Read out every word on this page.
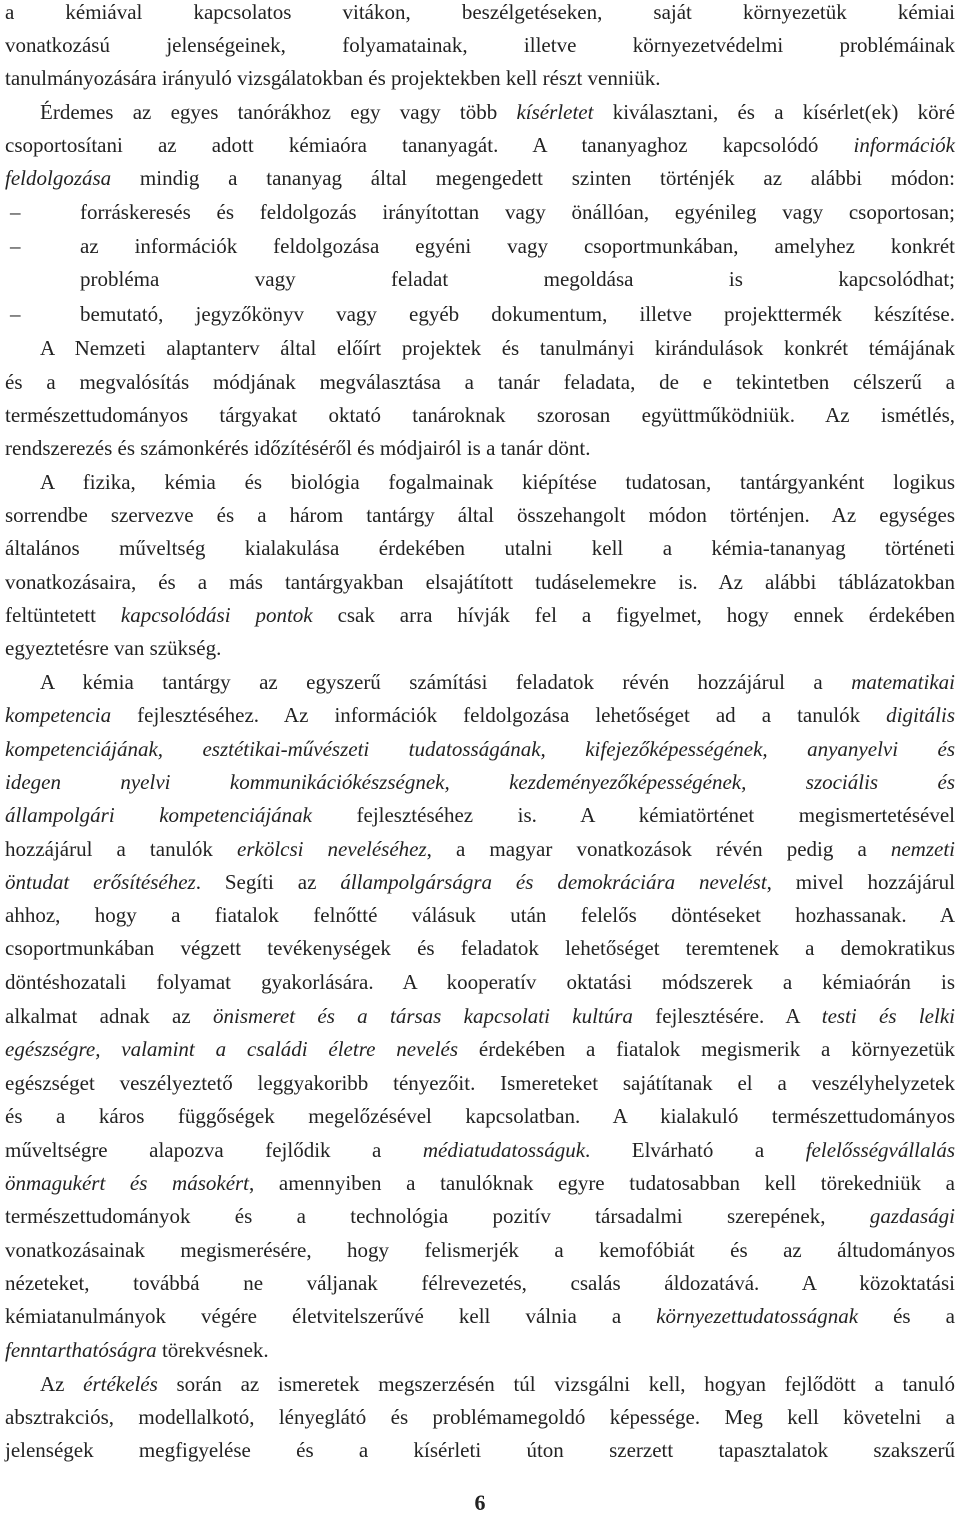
a kémiával kapcsolatos vitákon, beszélgetéseken, saját környezetük kémiai
vonatkozású jelenségeinek, folyamatainak, illetve környezetvédelmi problémáinak
tanulmányozására irányuló vizsgálatokban és projektekben kell részt venniük.
Érdemes az egyes tanórákhoz egy vagy több kísérletet kiválasztani, és a kísérlet(ek) köré
csoportosítani az adott kémiaóra tananyagát. A tananyaghoz kapcsolódó információk
feldolgozása mindig a tananyag által megengedett szinten történjék az alábbi módon:
–	forráskeresés és feldolgozás irányítottan vagy önállóan, egyénileg vagy csoportosan;
–	az információk feldolgozása egyéni vagy csoportmunkában, amelyhez konkrét
probléma vagy feladat megoldása is kapcsolódhat;
–	bemutató, jegyzőkönyv vagy egyéb dokumentum, illetve projekttermék készítése.
A Nemzeti alaptanterv által előírt projektek és tanulmányi kirándulások konkrét témájának
és a megvalósítás módjának megválasztása a tanár feladata, de e tekintetben célszerű a
természettudományos tárgyakat oktató tanároknak szorosan együttműködniük. Az ismétlés,
rendszerezés és számonkérés időzítéséről és módjairól is a tanár dönt.
A fizika, kémia és biológia fogalmainak kiépítése tudatosan, tantárgyanként logikus
sorrendbe szervezve és a három tantárgy által összehangolt módon történjen. Az egységes
általános műveltség kialakulása érdekében utalni kell a kémia-tananyag történeti
vonatkozásaira, és a más tantárgyakban elsajátított tudáselemekre is. Az alábbi táblázatokban
feltüntetett kapcsolódási pontok csak arra hívják fel a figyelmet, hogy ennek érdekében
egyeztetésre van szükség.
A kémia tantárgy az egyszerű számítási feladatok révén hozzájárul a matematikai
kompetencia fejlesztéséhez. Az információk feldolgozása lehetőséget ad a tanulók digitális
kompetenciájának, esztétikai-művészeti tudatosságának, kifejezőképességének, anyanyelvi és
idegen nyelvi kommunikációkészségnek, kezdeményezőképességének, szociális és
állampolgári kompetenciájának fejlesztéséhez is. A kémiatörténet megismertetésével
hozzájárul a tanulók erkölcsi neveléséhez, a magyar vonatkozások révén pedig a nemzeti
öntudat erősítéséhez. Segíti az állampolgárságra és demokráciára nevelést, mivel hozzájárul
ahhoz, hogy a fiatalok felnőtté válásuk után felelős döntéseket hozhassanak. A
csoportmunkában végzett tevékenységek és feladatok lehetőséget teremtenek a demokratikus
döntéshozatali folyamat gyakorlására. A kooperatív oktatási módszerek a kémiaórán is
alkalmat adnak az önismeret és a társas kapcsolati kultúra fejlesztésére. A testi és lelki
egészségre, valamint a családi életre nevelés érdekében a fiatalok megismerik a környezetük
egészséget veszélyeztető leggyakoribb tényezőit. Ismereteket sajátítanak el a veszélyhelyzetek
és a káros függőségek megelőzésével kapcsolatban. A kialakuló természettudományos
műveltségre alapozva fejlődik a médiatudatosságuk. Elvárható a felelősségvállalás
önmagukért és másokért, amennyiben a tanulóknak egyre tudatosabban kell törekedniük a
természettudományok és a technológia pozitív társadalmi szerepének, gazdasági
vonatkozásainak megismerésére, hogy felismerjék a kemofóbiát és az áltudományos
nézeteket, továbbá ne váljanak félrevezetés, csalás áldozatává. A közoktatási
kémiatanulmányok végére életvitelszerűvé kell válnia a környezettudatosságnak és a
fenntarthatóságra törekvésnek.
Az értékelés során az ismeretek megszerzésén túl vizsgálni kell, hogyan fejlődött a tanuló
absztrakciós, modellalkotó, lényeglátó és problémamegoldó képessége. Meg kell követelni a
jelenségek megfigyelése és a kísérleti úton szerzett tapasztalatok szakszerű
6
